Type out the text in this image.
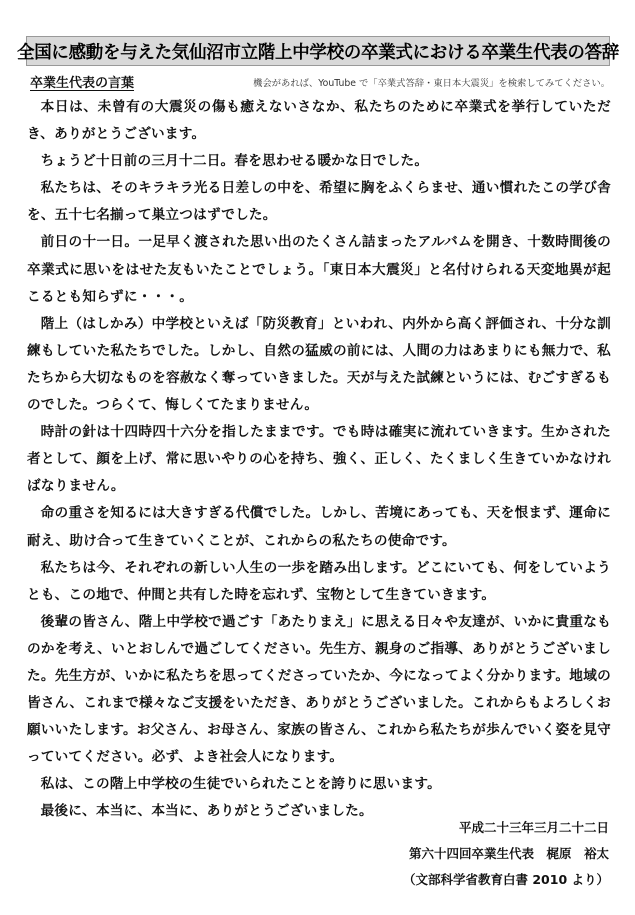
全国に感動を与えた気仙沼市立階上中学校の卒業式における卒業生代表の答辞
卒業生代表の言葉	機会があれば、YouTube で「卒業式答辞・東日本大震災」を検索してみてください。

本日は、未曾有の大震災の傷も癒えないさなか、私たちのために卒業式を挙行していただき、ありがとうございます。

ちょうど十日前の三月十二日。春を思わせる暖かな日でした。

私たちは、そのキラキラ光る日差しの中を、希望に胸をふくらませ、通い慣れたこの学び舎を、五十七名揃って巣立つはずでした。

前日の十一日。一足早く渡された思い出のたくさん詰まったアルバムを開き、十数時間後の卒業式に思いをはせた友もいたことでしょう。「東日本大震災」と名付けられる天変地異が起こるとも知らずに・・・。

階上（はしかみ）中学校といえば「防災教育」といわれ、内外から高く評価され、十分な訓練もしていた私たちでした。しかし、自然の猛威の前には、人間の力はあまりにも無力で、私たちから大切なものを容赦なく奪っていきました。天が与えた試練というには、むごすぎるものでした。つらくて、悔しくてたまりません。

時計の針は十四時四十六分を指したままです。でも時は確実に流れていきます。生かされた者として、顔を上げ、常に思いやりの心を持ち、強く、正しく、たくましく生きていかなければなりません。

命の重さを知るには大きすぎる代償でした。しかし、苦境にあっても、天を恨まず、運命に耐え、助け合って生きていくことが、これからの私たちの使命です。

私たちは今、それぞれの新しい人生の一歩を踏み出します。どこにいても、何をしていようとも、この地で、仲間と共有した時を忘れず、宝物として生きていきます。

後輩の皆さん、階上中学校で過ごす「あたりまえ」に思える日々や友達が、いかに貴重なものかを考え、いとおしんで過ごしてください。先生方、親身のご指導、ありがとうございました。先生方が、いかに私たちを思ってくださっていたか、今になってよく分かります。地域の皆さん、これまで様々なご支援をいただき、ありがとうございました。これからもよろしくお願いいたします。お父さん、お母さん、家族の皆さん、これから私たちが歩んでいく姿を見守っていてください。必ず、よき社会人になります。

私は、この階上中学校の生徒でいられたことを誇りに思います。

最後に、本当に、本当に、ありがとうございました。

平成二十三年三月二十二日
第六十四回卒業生代表　梶原　裕太
（文部科学省教育白書 2010 より）
